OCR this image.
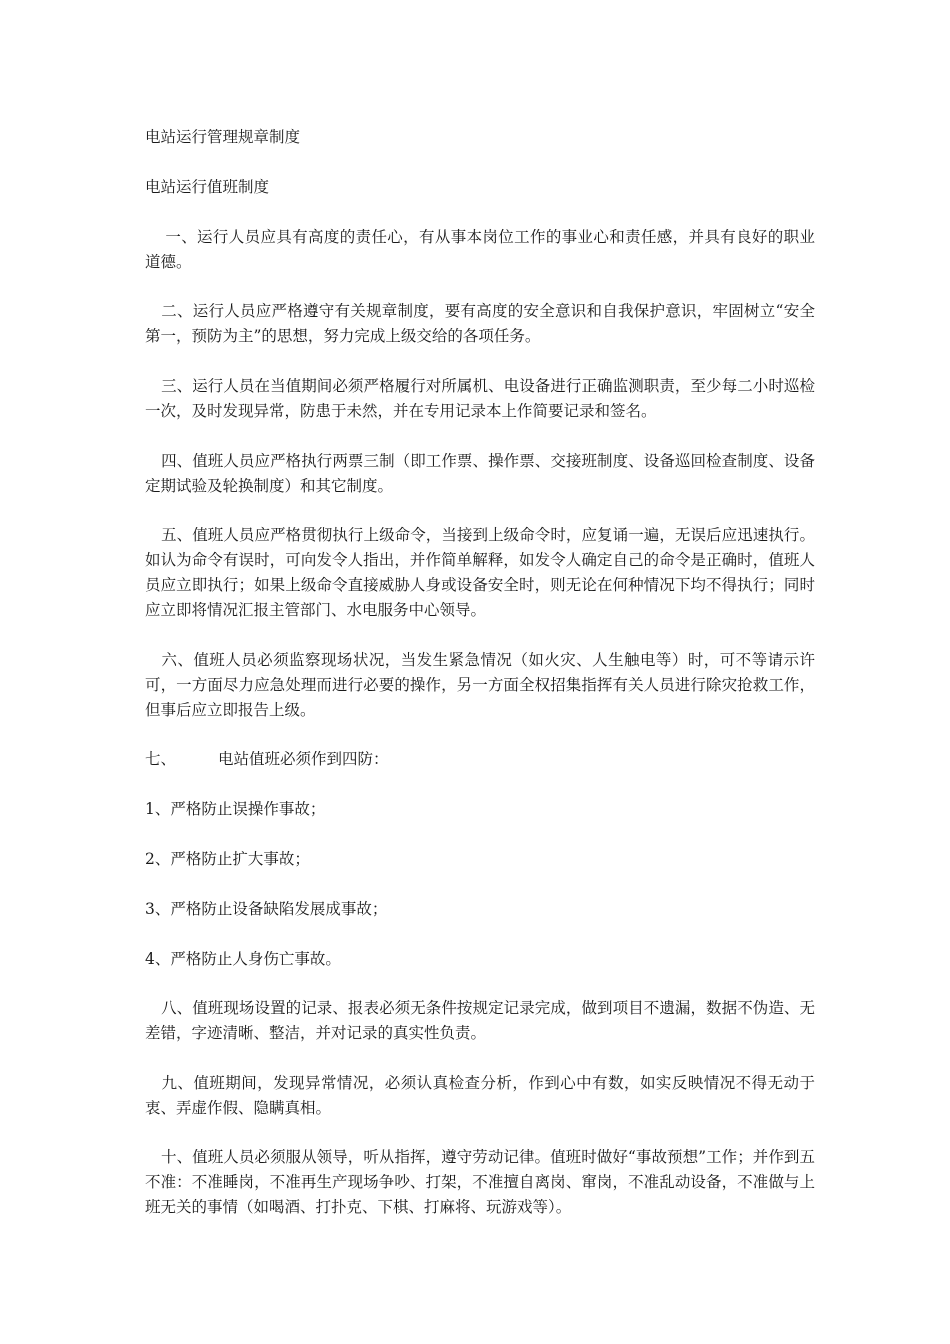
电站运行管理规章制度
电站运行值班制度
一、运行人员应具有高度的责任心，有从事本岗位工作的事业心和责任感，并具有良好的职业道德。
二、运行人员应严格遵守有关规章制度，要有高度的安全意识和自我保护意识，牢固树立“安全第一，预防为主”的思想，努力完成上级交给的各项任务。
三、运行人员在当值期间必须严格履行对所属机、电设备进行正确监测职责，至少每二小时巡检一次，及时发现异常，防患于未然，并在专用记录本上作简要记录和签名。
四、值班人员应严格执行两票三制（即工作票、操作票、交接班制度、设备巡回检查制度、设备定期试验及轮换制度）和其它制度。
五、值班人员应严格贯彻执行上级命令，当接到上级命令时，应复诵一遍，无误后应迅速执行。如认为命令有误时，可向发令人指出，并作简单解释，如发令人确定自己的命令是正确时，值班人员应立即执行；如果上级命令直接威胁人身或设备安全时，则无论在何种情况下均不得执行；同时应立即将情况汇报主管部门、水电服务中心领导。
六、值班人员必须监察现场状况，当发生紧急情况（如火灾、人生触电等）时，可不等请示许可，一方面尽力应急处理而进行必要的操作，另一方面全权招集指挥有关人员进行除灾抢救工作，但事后应立即报告上级。
七、	电站值班必须作到四防：
1、严格防止误操作事故；
2、严格防止扩大事故；
3、严格防止设备缺陷发展成事故；
4、严格防止人身伤亡事故。
八、值班现场设置的记录、报表必须无条件按规定记录完成，做到项目不遗漏，数据不伪造、无差错，字迹清晰、整洁，并对记录的真实性负责。
九、值班期间，发现异常情况，必须认真检查分析，作到心中有数，如实反映情况不得无动于衷、弄虚作假、隐瞒真相。
十、值班人员必须服从领导，听从指挥，遵守劳动记律。值班时做好“事故预想”工作；并作到五不准：不准睡岗，不准再生产现场争吵、打架，不准擅自离岗、窜岗，不准乱动设备，不准做与上班无关的事情（如喝酒、打扑克、下棋、打麻将、玩游戏等）。
